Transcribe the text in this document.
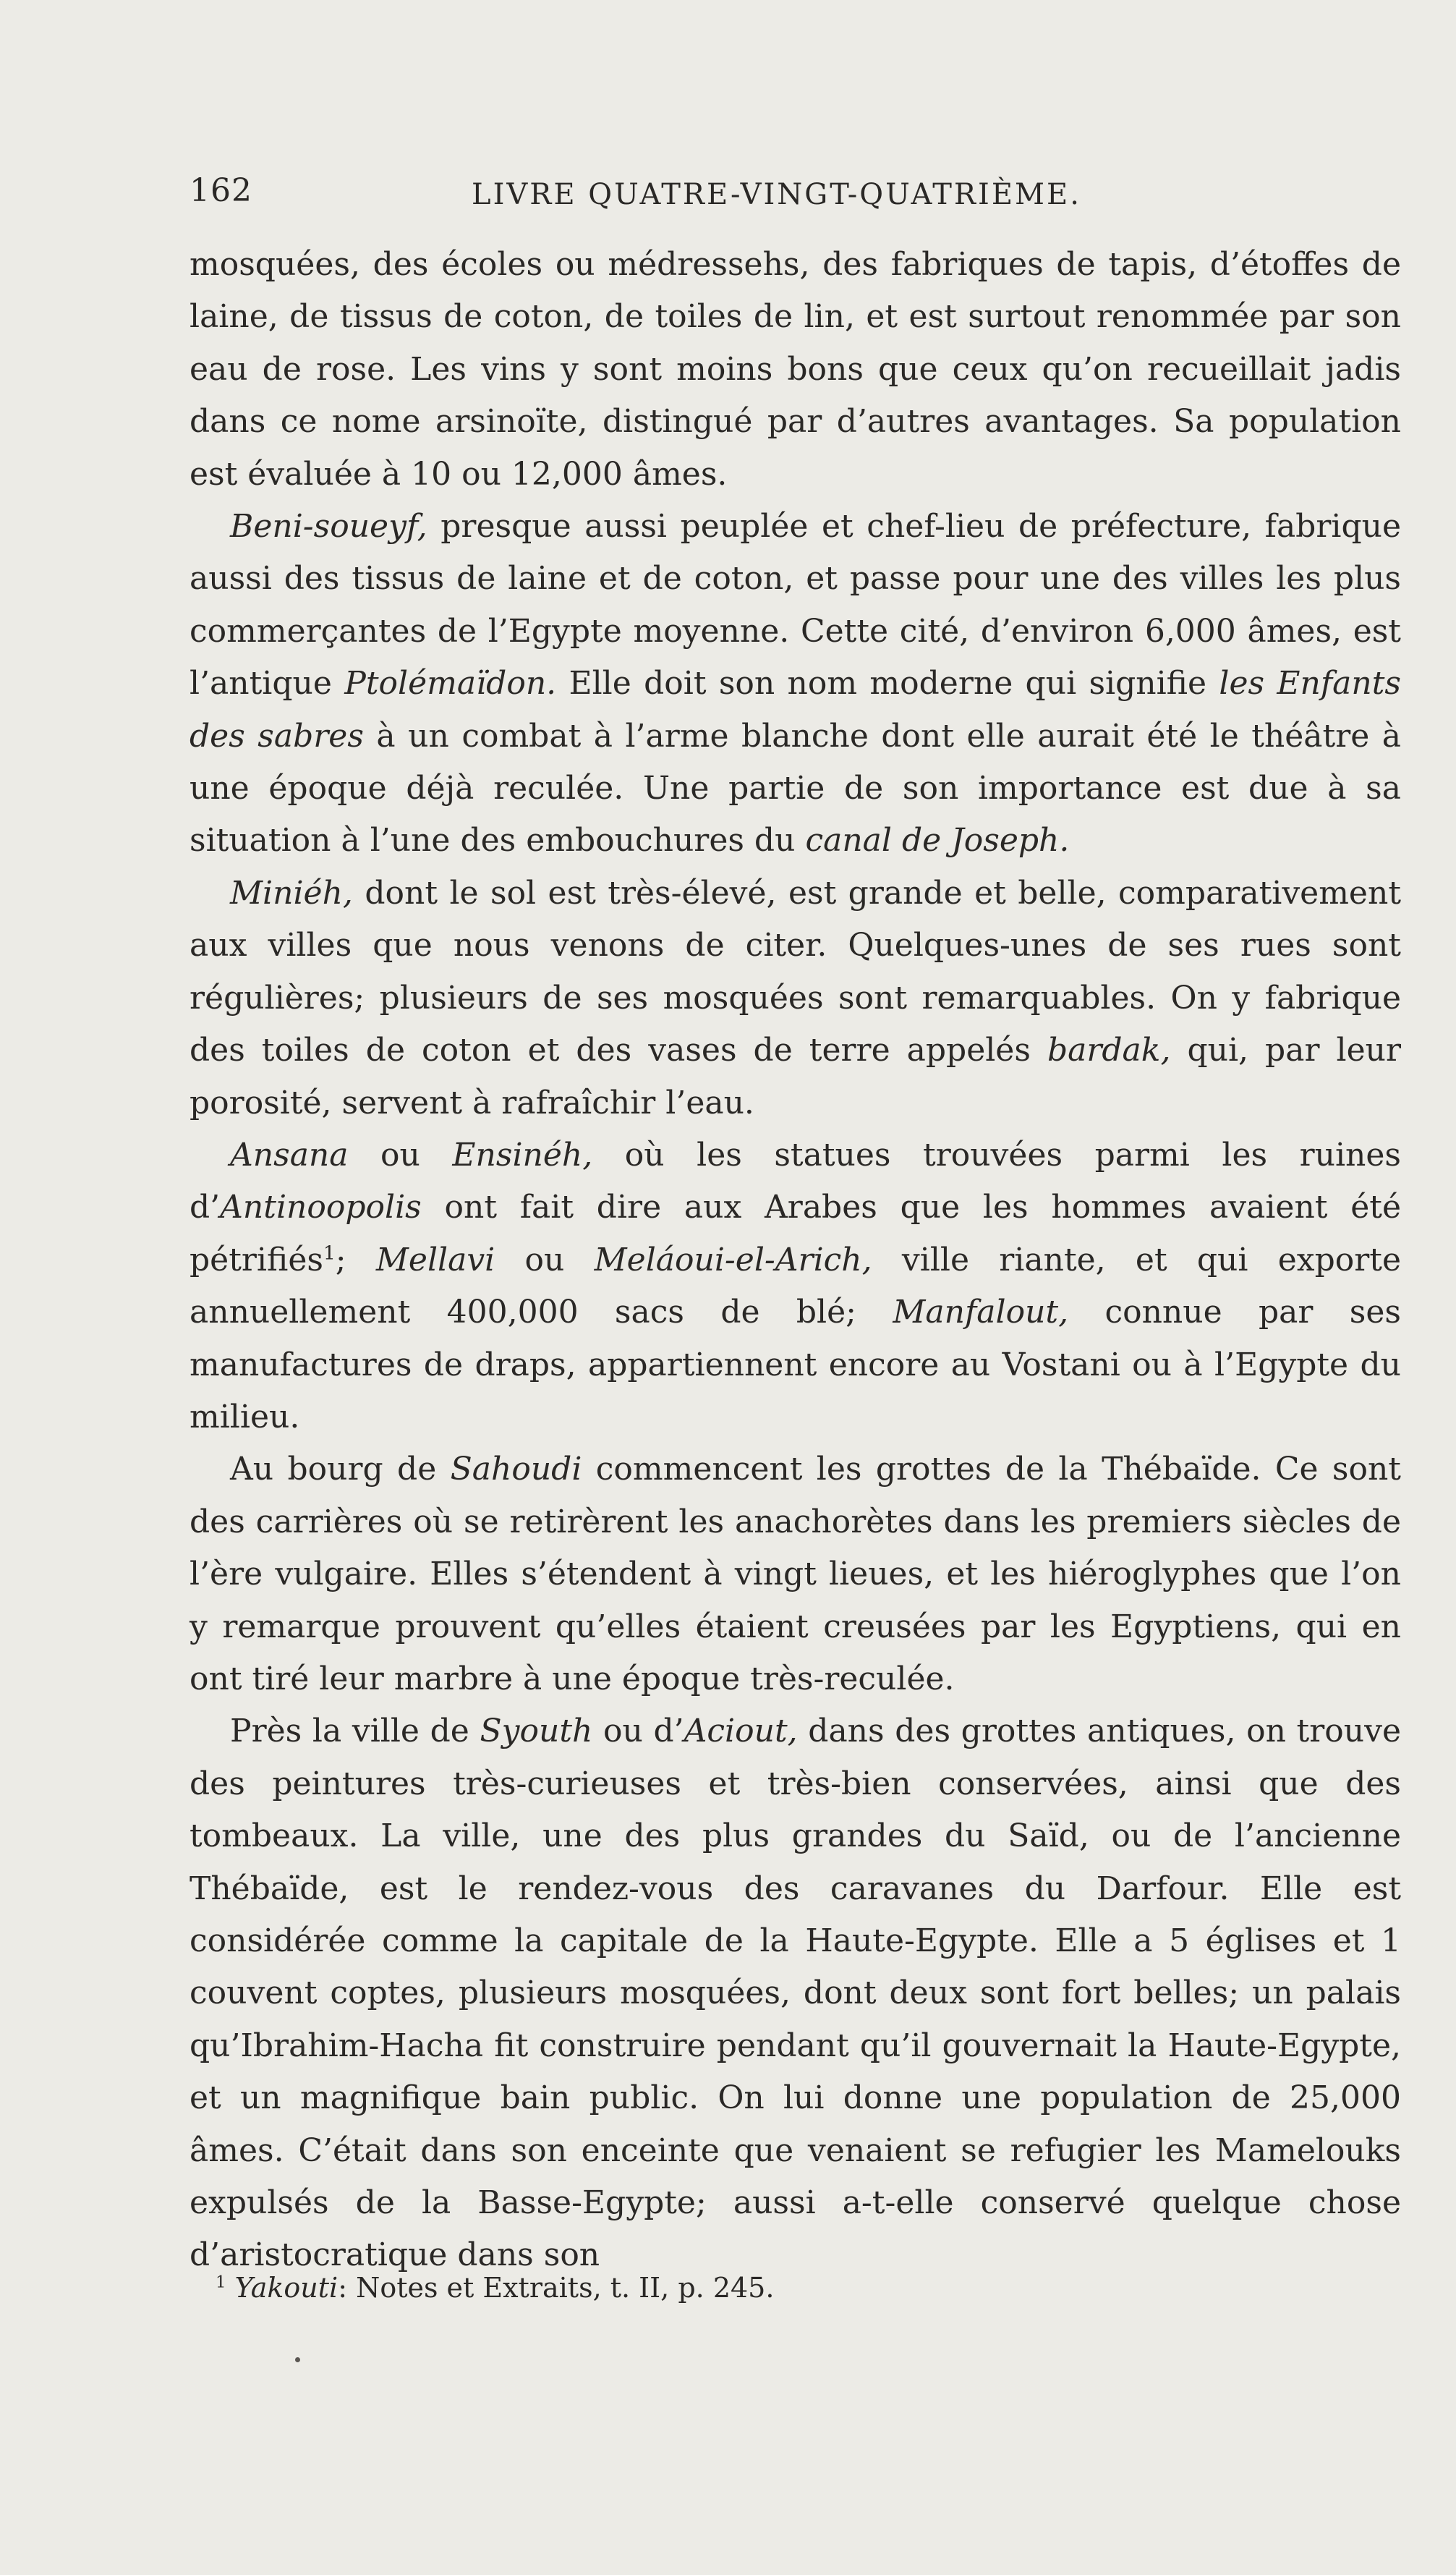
162	LIVRE QUATRE-VINGT-QUATRIÈME.

mosquées, des écoles ou médressehs, des fabriques de tapis, d’étoffes de laine, de tissus de coton, de toiles de lin, et est surtout renommée par son eau de rose. Les vins y sont moins bons que ceux qu’on recueillait jadis dans ce nome arsinoïte, distingué par d’autres avantages. Sa population est évaluée à 10 ou 12,000 âmes.

Beni-soueyf, presque aussi peuplée et chef-lieu de préfecture, fabrique aussi des tissus de laine et de coton, et passe pour une des villes les plus commerçantes de l’Egypte moyenne. Cette cité, d’environ 6,000 âmes, est l’antique Ptolémaïdon. Elle doit son nom moderne qui signifie les Enfants des sabres à un combat à l’arme blanche dont elle aurait été le théâtre à une époque déjà reculée. Une partie de son importance est due à sa situation à l’une des embouchures du canal de Joseph.

Miniéh, dont le sol est très-élevé, est grande et belle, comparativement aux villes que nous venons de citer. Quelques-unes de ses rues sont régulières; plusieurs de ses mosquées sont remarquables. On y fabrique des toiles de coton et des vases de terre appelés bardak, qui, par leur porosité, servent à rafraîchir l’eau.

Ansana ou Ensinéh, où les statues trouvées parmi les ruines d’Antinoopolis ont fait dire aux Arabes que les hommes avaient été pétrifiés$^1$; Mellavi ou Meláoui-el-Arich, ville riante, et qui exporte annuellement 400,000 sacs de blé; Manfalout, connue par ses manufactures de draps, appartiennent encore au Vostani ou à l’Egypte du milieu.

Au bourg de Sahoudi commencent les grottes de la Thébaïde. Ce sont des carrières où se retirèrent les anachorètes dans les premiers siècles de l’ère vulgaire. Elles s’étendent à vingt lieues, et les hiéroglyphes que l’on y remarque prouvent qu’elles étaient creusées par les Egyptiens, qui en ont tiré leur marbre à une époque très-reculée.

Près la ville de Syouth ou d’Aciout, dans des grottes antiques, on trouve des peintures très-curieuses et très-bien conservées, ainsi que des tombeaux. La ville, une des plus grandes du Saïd, ou de l’ancienne Thébaïde, est le rendez-vous des caravanes du Darfour. Elle est considérée comme la capitale de la Haute-Egypte. Elle a 5 églises et 1 couvent coptes, plusieurs mosquées, dont deux sont fort belles; un palais qu’Ibrahim-Hacha fit construire pendant qu’il gouvernait la Haute-Egypte, et un magnifique bain public. On lui donne une population de 25,000 âmes. C’était dans son enceinte que venaient se refugier les Mamelouks expulsés de la Basse-Egypte; aussi a-t-elle conservé quelque chose d’aristocratique dans son

$^1$ Yakouti: Notes et Extraits, t. II, p. 245.
